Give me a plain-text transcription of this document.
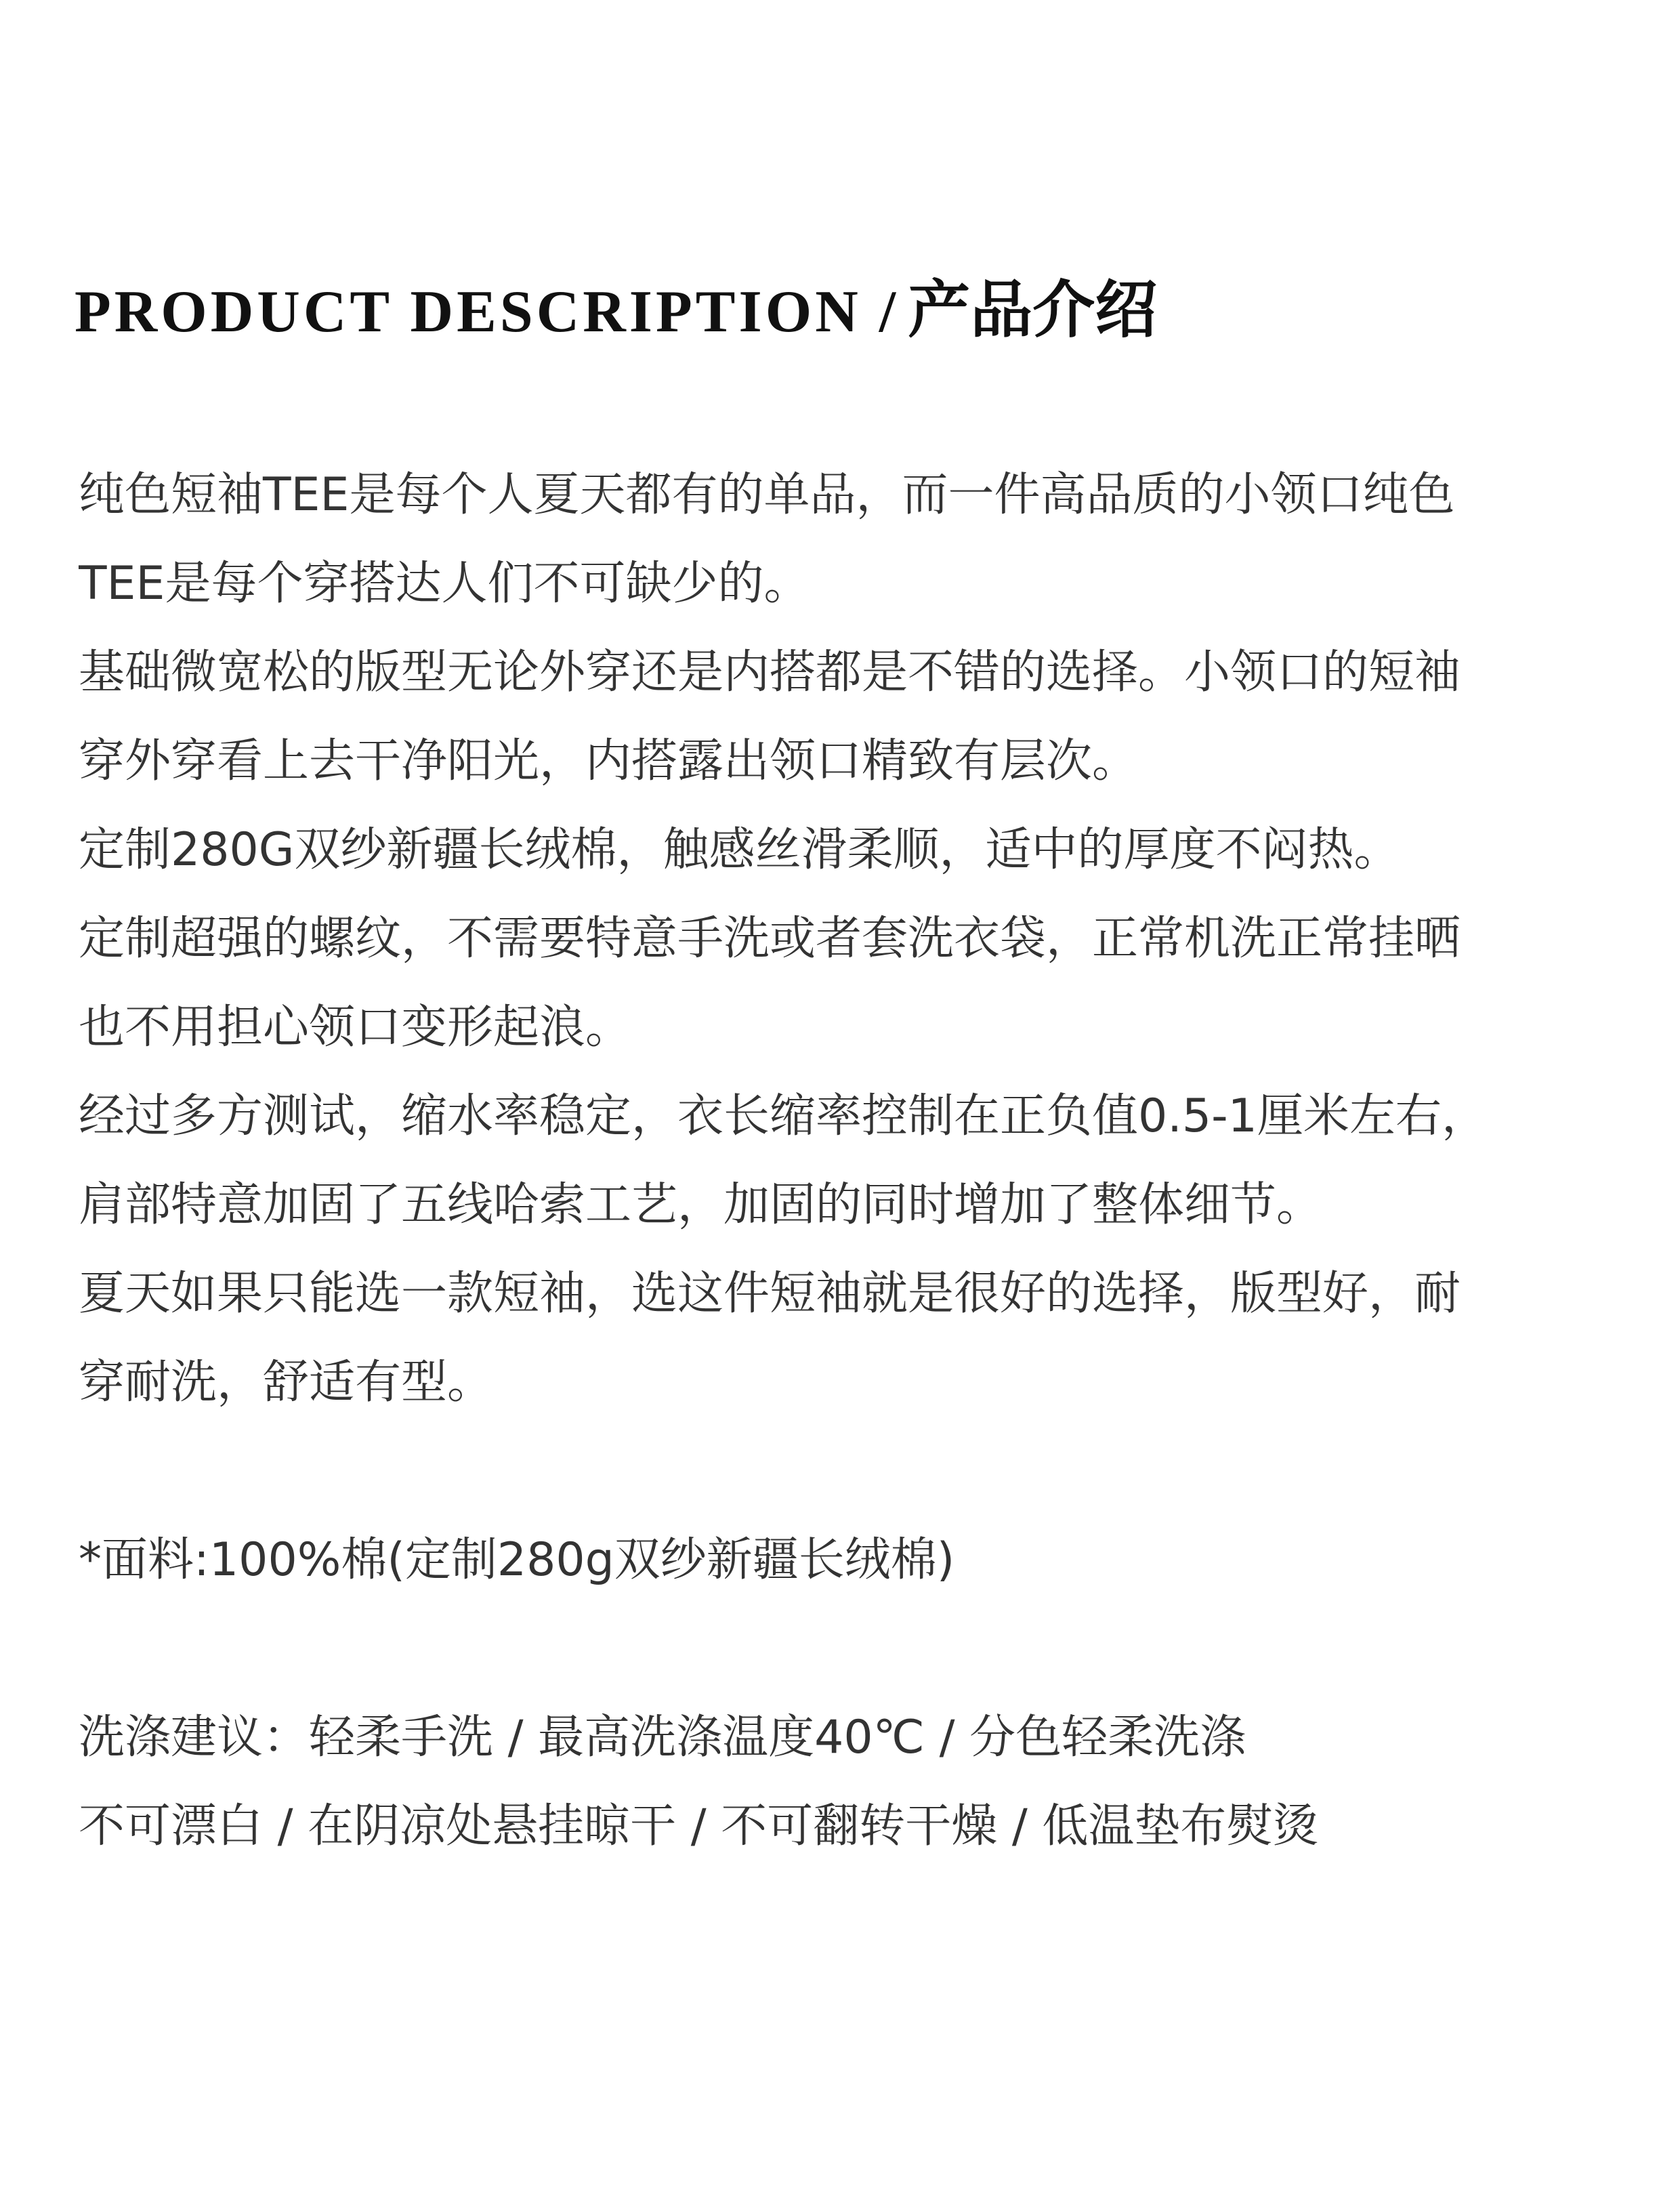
PRODUCT DESCRIPTION / 产品介绍
纯色短袖TEE是每个人夏天都有的单品，而一件高品质的小领口纯色
TEE是每个穿搭达人们不可缺少的。
基础微宽松的版型无论外穿还是内搭都是不错的选择。小领口的短袖
穿外穿看上去干净阳光，内搭露出领口精致有层次。
定制280G双纱新疆长绒棉，触感丝滑柔顺，适中的厚度不闷热。
定制超强的螺纹，不需要特意手洗或者套洗衣袋，正常机洗正常挂晒
也不用担心领口变形起浪。
经过多方测试，缩水率稳定，衣长缩率控制在正负值0.5-1厘米左右，
肩部特意加固了五线哈索工艺，加固的同时增加了整体细节。
夏天如果只能选一款短袖，选这件短袖就是很好的选择，版型好，耐
穿耐洗，舒适有型。
*面料:100%棉(定制280g双纱新疆长绒棉)
洗涤建议：轻柔手洗 / 最高洗涤温度40℃ / 分色轻柔洗涤
不可漂白 / 在阴凉处悬挂晾干 / 不可翻转干燥 / 低温垫布熨烫
